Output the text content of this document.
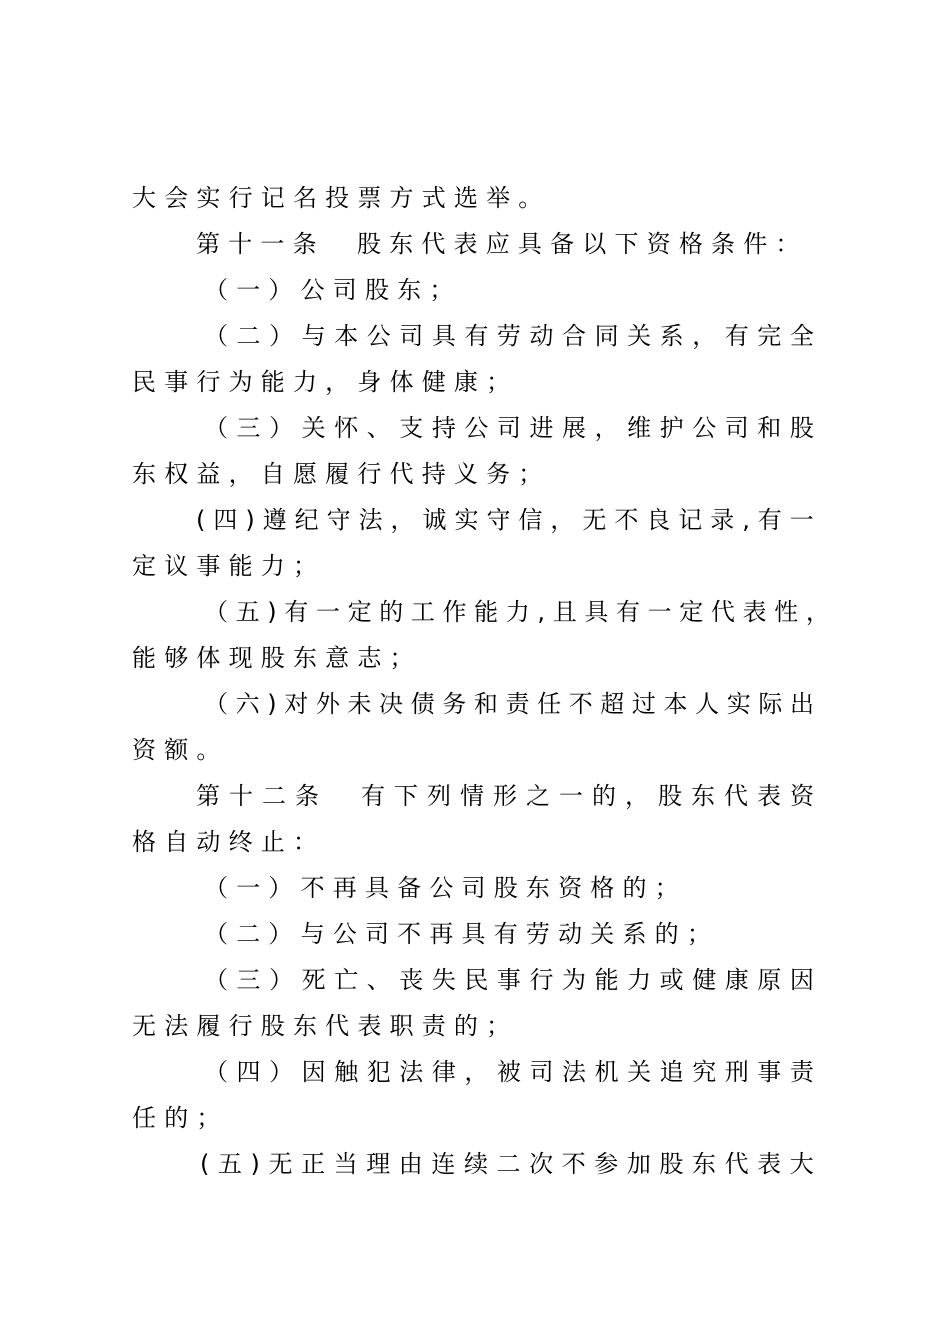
大 会 实 行 记 名 投 票 方 式 选 举 。
第 十 一 条
　 股 东 代 表 应 具 备 以 下 资 格 条 件 ：
（ 一 ） 公 司 股 东 ；
（ 二 ） 与 本 公 司 具 有 劳 动 合 同 关 系 ， 有 完 全
民 事 行 为 能 力 ， 身 体 健 康 ；
（ 三 ） 关 怀 、 支 持 公 司 进 展 ， 维 护 公 司 和 股
东 权 益 ， 自 愿 履 行 代 持 义 务 ；
( 四 ) 遵 纪 守 法 ， 诚 实 守 信 ， 无 不 良 记 录 , 有 一
定 议 事 能 力 ；
（ 五 ) 有 一 定 的 工 作 能 力 , 且 具 有 一 定 代 表 性 ，
能 够 体 现 股 东 意 志 ；
（ 六 ) 对 外 未 决 债 务 和 责 任 不 超 过 本 人 实 际 出
资 额 。
第 十 二 条
　 有 下 列 情 形 之 一 的 ， 股 东 代 表 资
格 自 动 终 止 ：
（ 一 ） 不 再 具 备 公 司 股 东 资 格 的 ；
（ 二 ） 与 公 司 不 再 具 有 劳 动 关 系 的 ；
（ 三 ） 死 亡 、 丧 失 民 事 行 为 能 力 或 健 康 原 因
无 法 履 行 股 东 代 表 职 责 的 ；
（ 四 ） 因 触 犯 法 律 ， 被 司 法 机 关 追 究 刑 事 责
任 的 ；
( 五 ) 无 正 当 理 由 连 续 二 次 不 参 加 股 东 代 表 大
